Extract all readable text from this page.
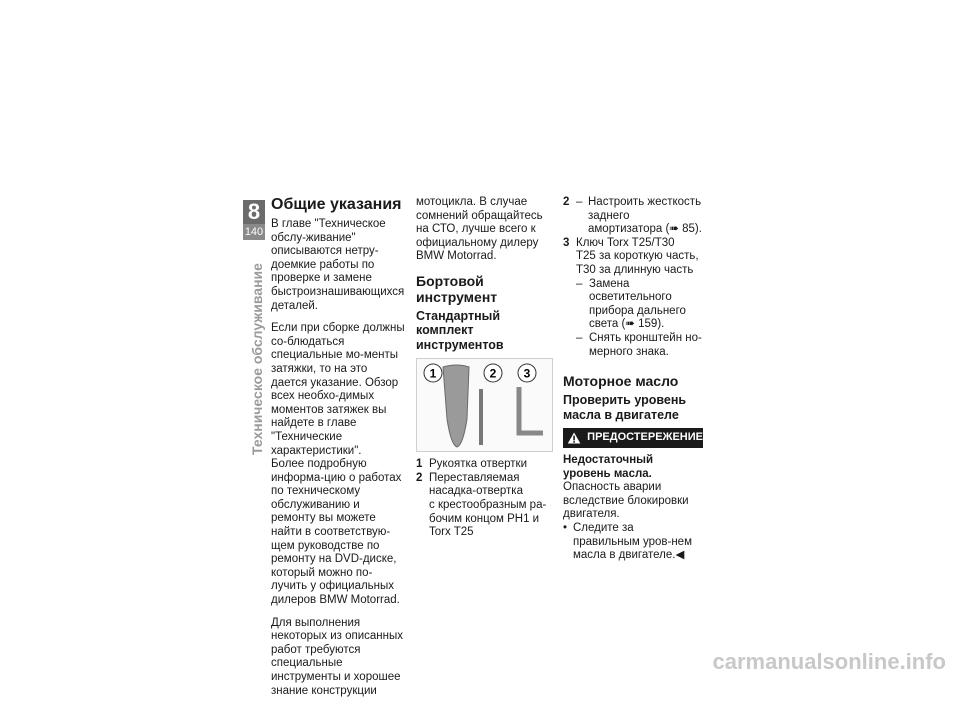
8
140
Техническое обслуживание
Общие указания

В главе "Техническое обслу-живание" описываются нетру-доемкие работы по проверке и замене быстроизнашивающихся деталей.

Если при сборке должны со-блюдаться специальные мо-менты затяжки, то на это дается указание. Обзор всех необхо-димых моментов затяжек вы найдете в главе "Технические характеристики".

Более подробную информа-цию о работах по техническому обслуживанию и ремонту вы можете найти в соответствую-щем руководстве по ремонту на DVD-диске, который можно по-лучить у официальных дилеров BMW Motorrad.

Для выполнения некоторых из описанных работ требуются специальные инструменты и хорошее знание конструкции

мотоцикла. В случае сомнений обращайтесь на СТО, лучше всего к официальному дилеру BMW Motorrad.

Бортовой инструмент
Стандартный комплект инструментов
1	2 3
1 Рукоятка отвертки
2 Переставляемая насадка-отвертка
с крестообразным ра-бочим концом PH1 и Torx T25
2 – Настроить жесткость заднего амортизатора (➠ 85).
3 Ключ Torx T25/T30
T25 за короткую часть, T30 за длинную часть
– Замена осветительного прибора дальнего света (➠ 159).
– Снять кронштейн но-мерного знака.
Моторное масло
Проверить уровень масла в двигателе
ПРЕДОСТЕРЕЖЕНИЕ
Недостаточный уровень масла.
Опасность аварии вследствие блокировки двигателя.
• Следите за правильным уров-нем масла в двигателе.◀
carmanualsonline.info
